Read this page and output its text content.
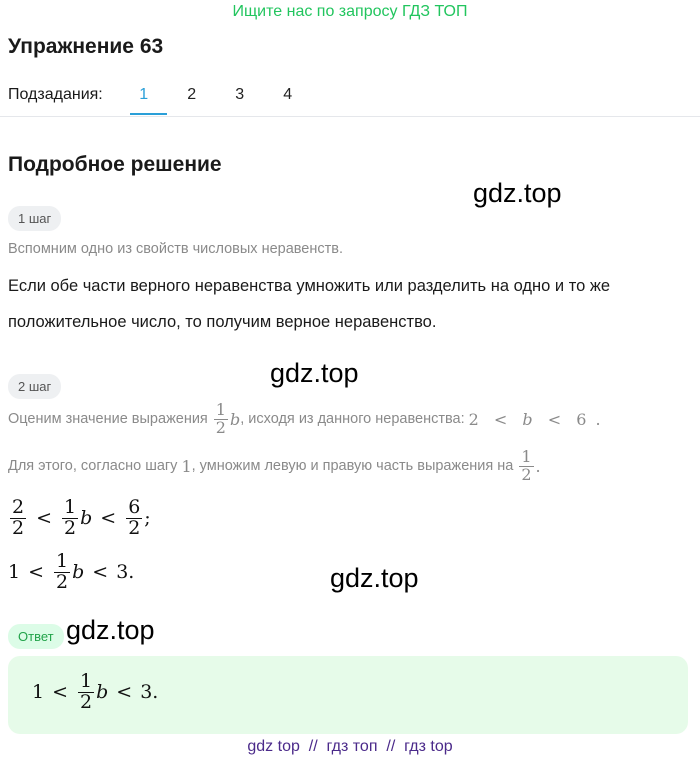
Ищите нас по запросу ГДЗ ТОП
Упражнение 63
Подзадания:	1	2	3	4
Подробное решение
gdz.top
1 шаг
Вспомним одно из свойств числовых неравенств.
Если обе части верного неравенства умножить или разделить на одно и то же
положительное число, то получим верное неравенство.
2 шаг	gdz.top
Оценим значение выражения $\frac{1}{2}$ b , исходя из данного неравенства: 2 < b < 6 .
Для этого, согласно шагу 1 , умножим левую и правую часть выражения на $\frac{1}{2}$ .
$\frac{2}{2} < \frac{1}{2}$ $b < \frac{6}{2}$ ;
$1 < \frac{1}{2}$ b < 3.	gdz.top
Ответ gdz.top
$1 < \frac{1}{2}$ b < 3.
gdz top  //  гдз топ  //  гдз top
